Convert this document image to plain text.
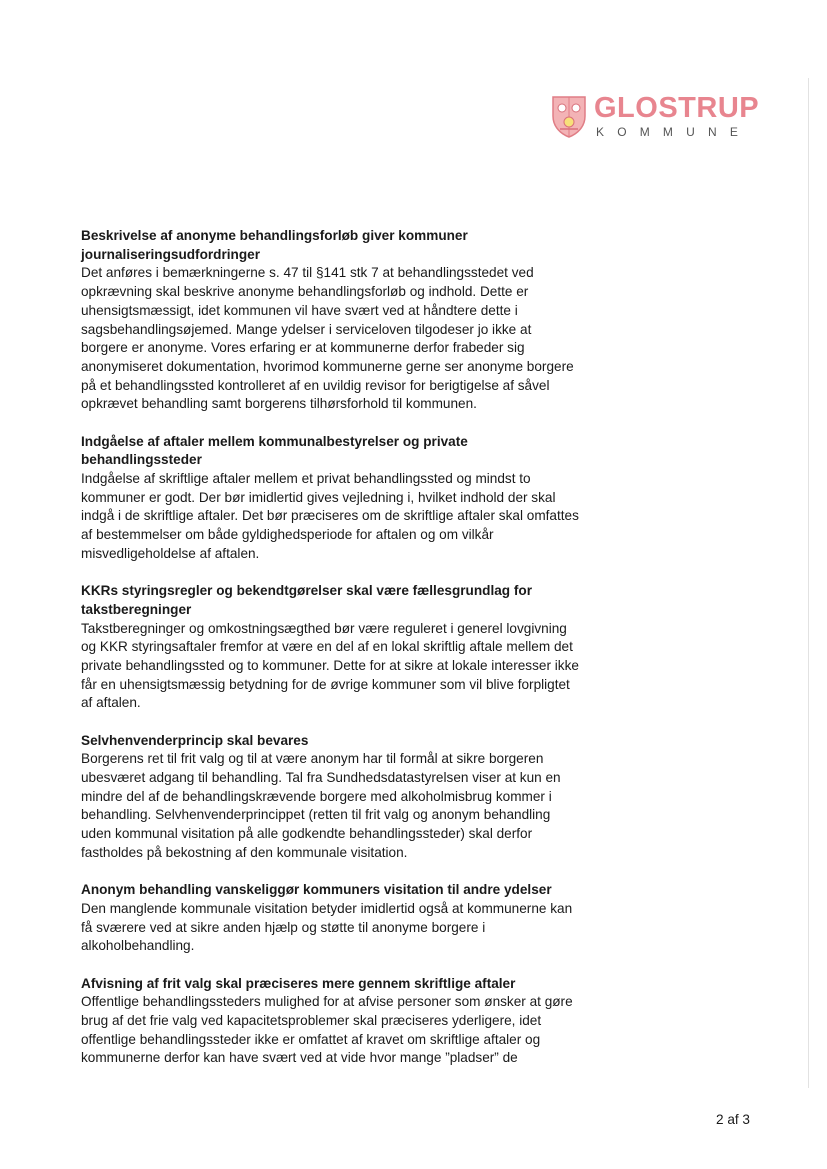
GLOSTRUP
KOMMUNE
Beskrivelse af anonyme behandlingsforløb giver kommuner journaliseringsudfordringer

Det anføres i bemærkningerne s. 47 til §141 stk 7 at behandlingsstedet ved opkrævning skal beskrive anonyme behandlingsforløb og indhold. Dette er uhensigtsmæssigt, idet kommunen vil have svært ved at håndtere dette i sagsbehandlingsøjemed. Mange ydelser i serviceloven tilgodeser jo ikke at borgere er anonyme. Vores erfaring er at kommunerne derfor frabeder sig anonymiseret dokumentation, hvorimod kommunerne gerne ser anonyme borgere på et behandlingssted kontrolleret af en uvildig revisor for berigtigelse af såvel opkrævet behandling samt borgerens tilhørsforhold til kommunen.

Indgåelse af aftaler mellem kommunalbestyrelser og private behandlingssteder

Indgåelse af skriftlige aftaler mellem et privat behandlingssted og mindst to kommuner er godt. Der bør imidlertid gives vejledning i, hvilket indhold der skal indgå i de skriftlige aftaler. Det bør præciseres om de skriftlige aftaler skal omfattes af bestemmelser om både gyldighedsperiode for aftalen og om vilkår misvedligeholdelse af aftalen.

KKRs styringsregler og bekendtgørelser skal være fællesgrundlag for takstberegninger

Takstberegninger og omkostningsægthed bør være reguleret i generel lovgivning og KKR styringsaftaler fremfor at være en del af en lokal skriftlig aftale mellem det private behandlingssted og to kommuner. Dette for at sikre at lokale interesser ikke får en uhensigtsmæssig betydning for de øvrige kommuner som vil blive forpligtet af aftalen.

Selvhenvenderprincip skal bevares

Borgerens ret til frit valg og til at være anonym har til formål at sikre borgeren ubesværet adgang til behandling. Tal fra Sundhedsdatastyrelsen viser at kun en mindre del af de behandlingskrævende borgere med alkoholmisbrug kommer i behandling. Selvhenvenderprincippet (retten til frit valg og anonym behandling uden kommunal visitation på alle godkendte behandlingssteder) skal derfor fastholdes på bekostning af den kommunale visitation.

Anonym behandling vanskeliggør kommuners visitation til andre ydelser

Den manglende kommunale visitation betyder imidlertid også at kommunerne kan få sværere ved at sikre anden hjælp og støtte til anonyme borgere i alkoholbehandling.

Afvisning af frit valg skal præciseres mere gennem skriftlige aftaler

Offentlige behandlingssteders mulighed for at afvise personer som ønsker at gøre brug af det frie valg ved kapacitetsproblemer skal præciseres yderligere, idet offentlige behandlingssteder ikke er omfattet af kravet om skriftlige aftaler og kommunerne derfor kan have svært ved at vide hvor mange ”pladser” de

2 af 3
